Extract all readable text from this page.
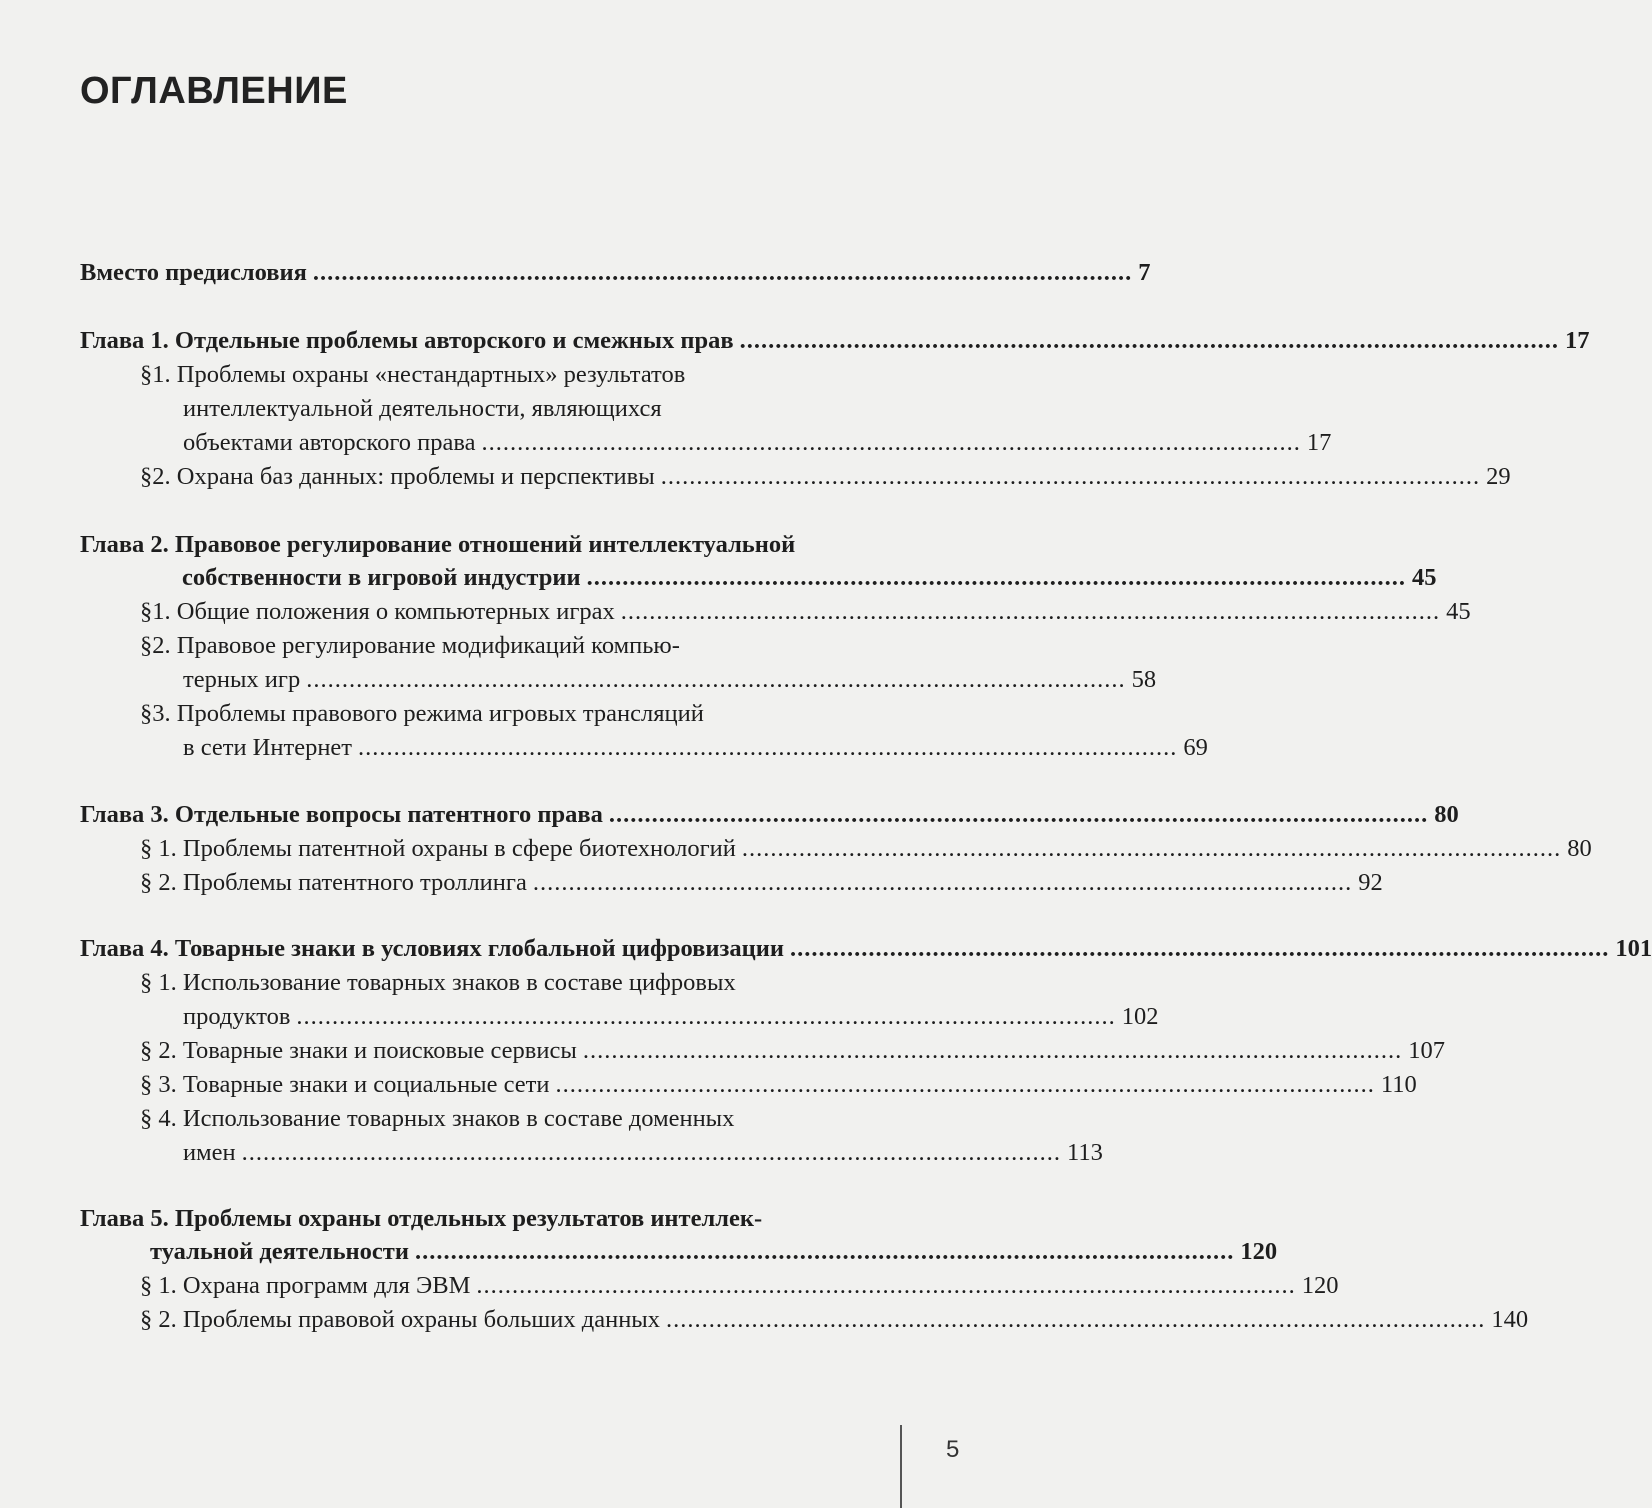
ОГЛАВЛЕНИЕ
Вместо предисловия ................................................................................................................... 7
Глава 1. Отдельные проблемы авторского и смежных прав ................................................................................................................... 17
§1. Проблемы охраны «нестандартных» результатов
интеллектуальной деятельности, являющихся
объектами авторского права ................................................................................................................... 17
§2. Охрана баз данных: проблемы и перспективы ................................................................................................................... 29
Глава 2. Правовое регулирование отношений интеллектуальной
собственности в игровой индустрии ................................................................................................................... 45
§1. Общие положения о компьютерных играх ................................................................................................................... 45
§2. Правовое регулирование модификаций компью-
терных игр ................................................................................................................... 58
§3. Проблемы правового режима игровых трансляций
в сети Интернет ................................................................................................................... 69
Глава 3. Отдельные вопросы патентного права ................................................................................................................... 80
§ 1. Проблемы патентной охраны в сфере биотехнологий ................................................................................................................... 80
§ 2. Проблемы патентного троллинга ................................................................................................................... 92
Глава 4. Товарные знаки в условиях глобальной цифровизации ................................................................................................................... 101
§ 1. Использование товарных знаков в составе цифровых
продуктов ................................................................................................................... 102
§ 2. Товарные знаки и поисковые сервисы ................................................................................................................... 107
§ 3. Товарные знаки и социальные сети ................................................................................................................... 110
§ 4. Использование товарных знаков в составе доменных
имен ................................................................................................................... 113
Глава 5. Проблемы охраны отдельных результатов интеллек-
туальной деятельности ................................................................................................................... 120
§ 1. Охрана программ для ЭВМ ................................................................................................................... 120
§ 2. Проблемы правовой охраны больших данных ................................................................................................................... 140
5
